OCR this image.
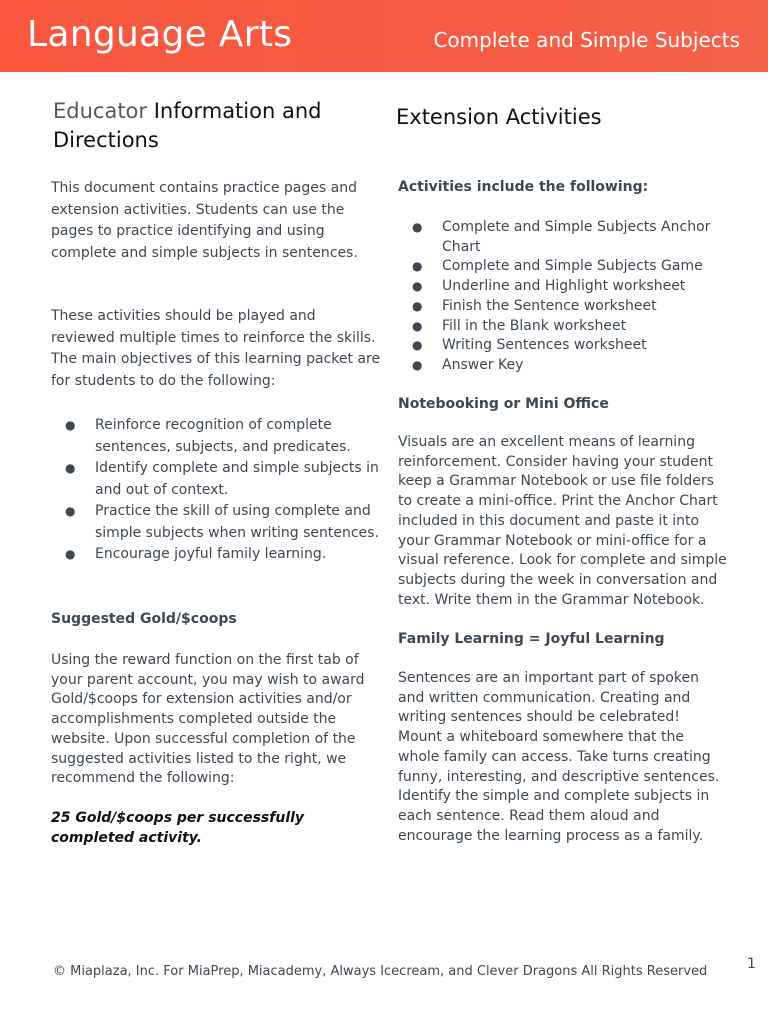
Language Arts	Complete and Simple Subjects
Educator Information and
Directions

This document contains practice pages and extension activities. Students can use the pages to practice identifying and using complete and simple subjects in sentences.

These activities should be played and reviewed multiple times to reinforce the skills. The main objectives of this learning packet are for students to do the following:

● Reinforce recognition of complete sentences, subjects, and predicates.
● Identify complete and simple subjects in and out of context.
● Practice the skill of using complete and simple subjects when writing sentences.
● Encourage joyful family learning.
Suggested Gold/$coops

Using the reward function on the first tab of your parent account, you may wish to award Gold/$coops for extension activities and/or accomplishments completed outside the website. Upon successful completion of the suggested activities listed to the right, we recommend the following:

25 Gold/$coops per successfully completed activity.
Extension Activities
Activities include the following:
● Complete and Simple Subjects Anchor Chart
● Complete and Simple Subjects Game
● Underline and Highlight worksheet
● Finish the Sentence worksheet
● Fill in the Blank worksheet
● Writing Sentences worksheet
● Answer Key
Notebooking or Mini Office

Visuals are an excellent means of learning reinforcement. Consider having your student keep a Grammar Notebook or use file folders to create a mini-office. Print the Anchor Chart included in this document and paste it into your Grammar Notebook or mini-office for a visual reference. Look for complete and simple subjects during the week in conversation and text. Write them in the Grammar Notebook.

Family Learning = Joyful Learning

Sentences are an important part of spoken and written communication. Creating and writing sentences should be celebrated! Mount a whiteboard somewhere that the whole family can access. Take turns creating funny, interesting, and descriptive sentences. Identify the simple and complete subjects in each sentence. Read them aloud and encourage the learning process as a family.

© Miaplaza, Inc. For MiaPrep, Miacademy, Always Icecream, and Clever Dragons All Rights Reserved	1
